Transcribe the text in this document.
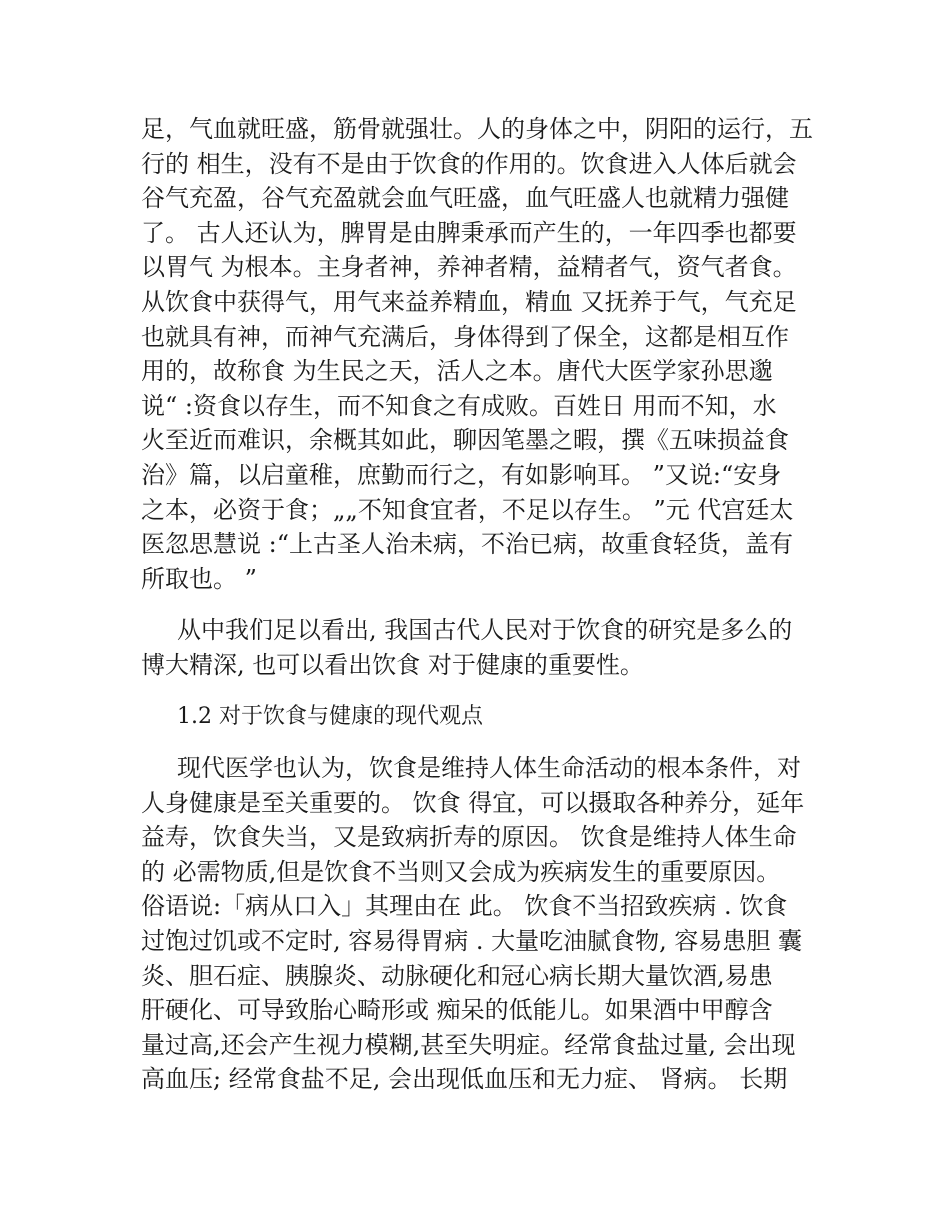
足，气血就旺盛，筋骨就强壮。人的身体之中，阴阳的运行，五
行的 相生，没有不是由于饮食的作用的。饮食进入人体后就会
谷气充盈，谷气充盈就会血气旺盛，血气旺盛人也就精力强健
了。 古人还认为，脾胃是由脾秉承而产生的，一年四季也都要
以胃气 为根本。主身者神，养神者精，益精者气，资气者食。
从饮食中获得气，用气来益养精血，精血 又抚养于气，气充足
也就具有神，而神气充满后，身体得到了保全，这都是相互作
用的，故称食 为生民之天，活人之本。唐代大医学家孙思邈
说“ :资食以存生，而不知食之有成败。百姓日 用而不知，水
火至近而难识，余概其如此，聊因笔墨之暇，撰《五味损益食
治》篇，以启童稚，庶勤而行之，有如影响耳。 ”又说:“安身
之本，必资于食；„„不知食宜者，不足以存生。 ”元 代宫廷太
医忽思慧说 :“上古圣人治未病，不治已病，故重食轻货，盖有
所取也。 ”
从中我们足以看出, 我国古代人民对于饮食的研究是多么的
博大精深, 也可以看出饮食 对于健康的重要性。
1.2 对于饮食与健康的现代观点
现代医学也认为，饮食是维持人体生命活动的根本条件，对
人身健康是至关重要的。 饮食 得宜，可以摄取各种养分，延年
益寿，饮食失当，又是致病折寿的原因。 饮食是维持人体生命
的 必需物质,但是饮食不当则又会成为疾病发生的重要原因。
俗语说:「病从口入」其理由在 此。 饮食不当招致疾病 . 饮食
过饱过饥或不定时, 容易得胃病 . 大量吃油腻食物, 容易患胆 囊
炎、胆石症、胰腺炎、动脉硬化和冠心病长期大量饮酒,易患
肝硬化、可导致胎心畸形或 痴呆的低能儿。如果酒中甲醇含
量过高,还会产生视力模糊,甚至失明症。经常食盐过量, 会出现
高血压; 经常食盐不足, 会出现低血压和无力症、 肾病。 长期
